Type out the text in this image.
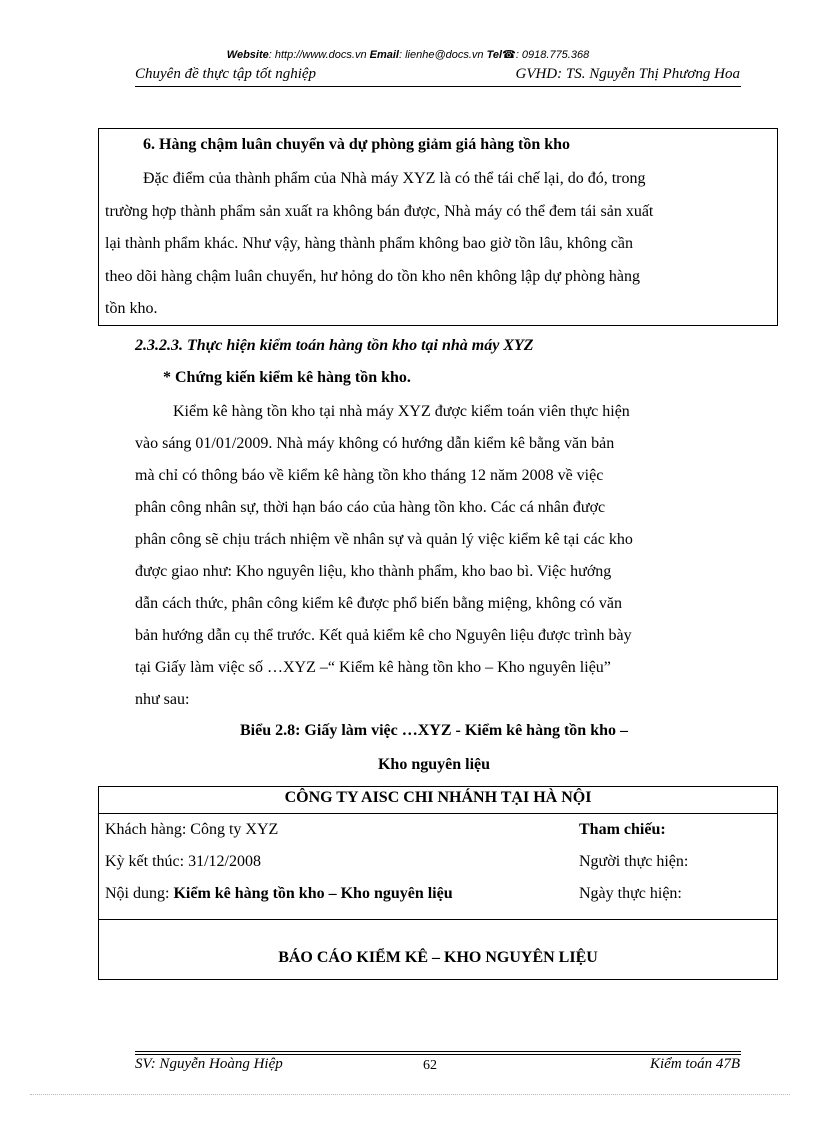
Website: http://www.docs.vn Email: lienhe@docs.vn Tel☎: 0918.775.368
Chuyên đề thực tập tốt nghiệp	GVHD: TS. Nguyễn Thị Phương Hoa
6. Hàng chậm luân chuyển và dự phòng giảm giá hàng tồn kho
Đặc điểm của thành phẩm của Nhà máy XYZ là có thể tái chế lại, do đó, trong
trường hợp thành phẩm sản xuất ra không bán được, Nhà máy có thể đem tái sản xuất
lại thành phẩm khác. Như vậy, hàng thành phẩm không bao giờ tồn lâu, không cần
theo dõi hàng chậm luân chuyển, hư hỏng do tồn kho nên không lập dự phòng hàng
tồn kho.
2.3.2.3. Thực hiện kiểm toán hàng tồn kho tại nhà máy XYZ
* Chứng kiến kiểm kê hàng tồn kho.
Kiểm kê hàng tồn kho tại nhà máy XYZ được kiểm toán viên thực hiện
vào sáng 01/01/2009. Nhà máy không có hướng dẫn kiểm kê bằng văn bản
mà chỉ có thông báo về kiểm kê hàng tồn kho tháng 12 năm 2008 về việc
phân công nhân sự, thời hạn báo cáo của hàng tồn kho. Các cá nhân được
phân công sẽ chịu trách nhiệm về nhân sự và quản lý việc kiểm kê tại các kho
được giao như: Kho nguyên liệu, kho thành phẩm, kho bao bì. Việc hướng
dẫn cách thức, phân công kiểm kê được phổ biến bằng miệng, không có văn
bản hướng dẫn cụ thể trước. Kết quả kiểm kê cho Nguyên liệu được trình bày
tại Giấy làm việc số …XYZ –“ Kiểm kê hàng tồn kho – Kho nguyên liệu”
như sau:
Biểu 2.8: Giấy làm việc …XYZ - Kiểm kê hàng tồn kho –
Kho nguyên liệu
CÔNG TY AISC CHI NHÁNH TẠI HÀ NỘI
Khách hàng: Công ty XYZ	Tham chiếu:
Kỳ kết thúc: 31/12/2008	Người thực hiện:
Nội dung: Kiểm kê hàng tồn kho – Kho nguyên liệu	Ngày thực hiện:
BÁO CÁO KIỂM KÊ – KHO NGUYÊN LIỆU
SV: Nguyễn Hoàng Hiệp	62	Kiểm toán 47B
